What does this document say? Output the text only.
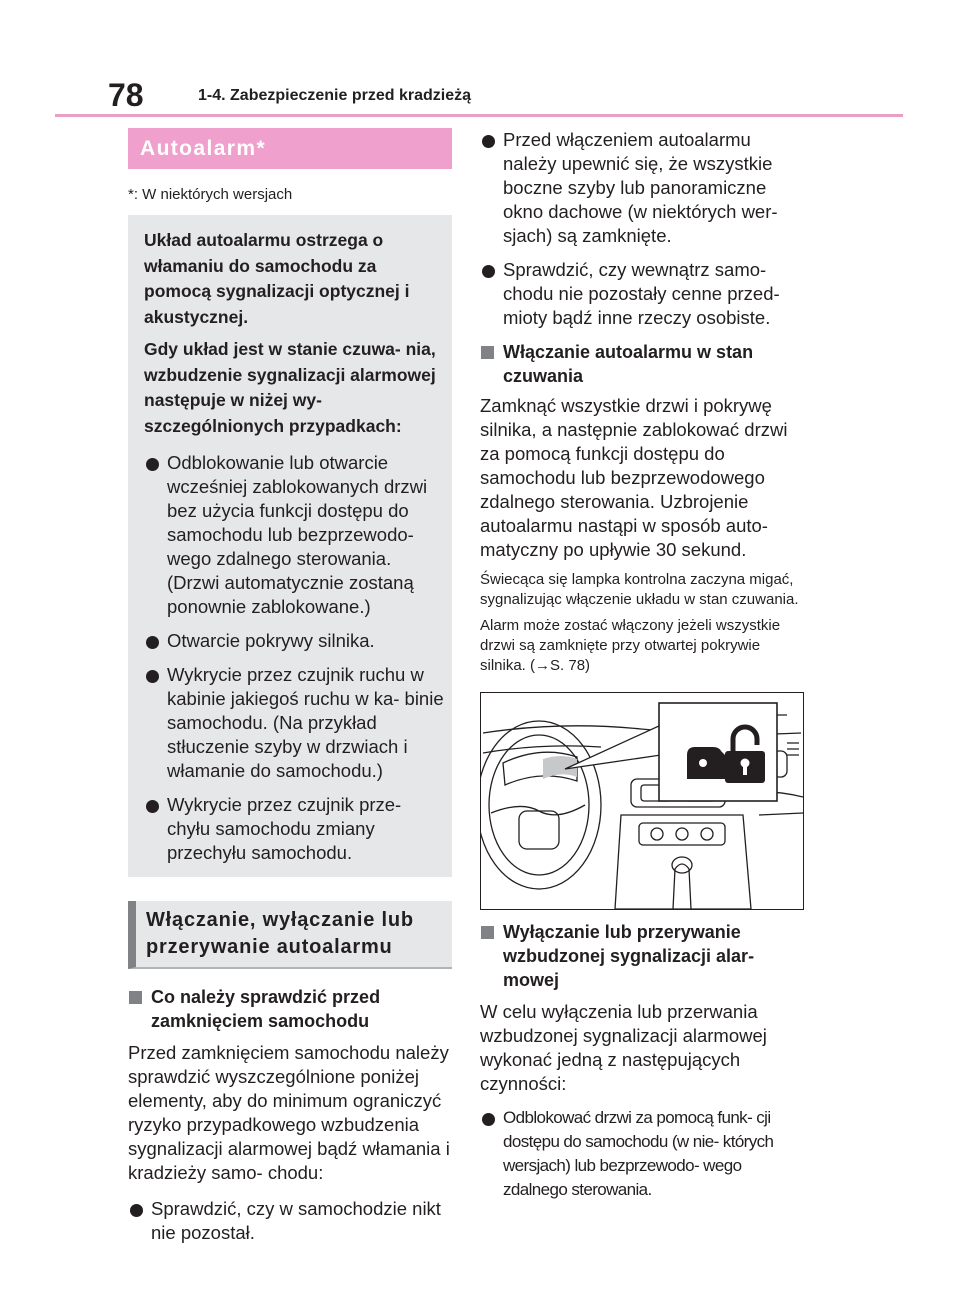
78	1-4. Zabezpieczenie przed kradzieżą
Autoalarm*

*: W niektórych wersjach

Układ autoalarmu ostrzega o włamaniu do samochodu za pomocą sygnalizacji optycznej i akustycznej.

Gdy układ jest w stanie czuwa- nia, wzbudzenie sygnalizacji alarmowej następuje w niżej wy- szczególnionych przypadkach:

Odblokowanie lub otwarcie wcześniej zablokowanych drzwi bez użycia funkcji dostępu do samochodu lub bezprzewodo- wego zdalnego sterowania. (Drzwi automatycznie zostaną ponownie zablokowane.)
Otwarcie pokrywy silnika.
Wykrycie przez czujnik ruchu w kabinie jakiegoś ruchu w ka- binie samochodu. (Na przykład stłuczenie szyby w drzwiach i włamanie do samochodu.)
Wykrycie przez czujnik prze- chyłu samochodu zmiany przechyłu samochodu.
Włączanie, wyłączanie lub przerywanie autoalarmu

Co należy sprawdzić przed zamknięciem samochodu

Przed zamknięciem samochodu należy sprawdzić wyszczególnione poniżej elementy, aby do minimum ograniczyć ryzyko przypadkowego wzbudzenia sygnalizacji alarmowej bądź włamania i kradzieży samo- chodu:

Sprawdzić, czy w samochodzie nikt nie pozostał.
Przed włączeniem autoalarmu należy upewnić się, że wszystkie boczne szyby lub panoramiczne okno dachowe (w niektórych wer- sjach) są zamknięte.
Sprawdzić, czy wewnątrz samo- chodu nie pozostały cenne przed- mioty bądź inne rzeczy osobiste.

Włączanie autoalarmu w stan czuwania

Zamknąć wszystkie drzwi i pokrywę silnika, a następnie zablokować drzwi za pomocą funkcji dostępu do samochodu lub bezprzewodowego zdalnego sterowania. Uzbrojenie autoalarmu nastąpi w sposób auto- matyczny po upływie 30 sekund.

Świecąca się lampka kontrolna zaczyna migać, sygnalizując włączenie układu w stan czuwania.

Alarm może zostać włączony jeżeli wszystkie drzwi są zamknięte przy otwartej pokrywie silnika. (→S. 78)

Wyłączanie lub przerywanie wzbudzonej sygnalizacji alar- mowej

W celu wyłączenia lub przerwania wzbudzonej sygnalizacji alarmowej wykonać jedną z następujących czynności:

Odblokować drzwi za pomocą funk- cji dostępu do samochodu (w nie- których wersjach) lub bezprzewodo- wego zdalnego sterowania.
